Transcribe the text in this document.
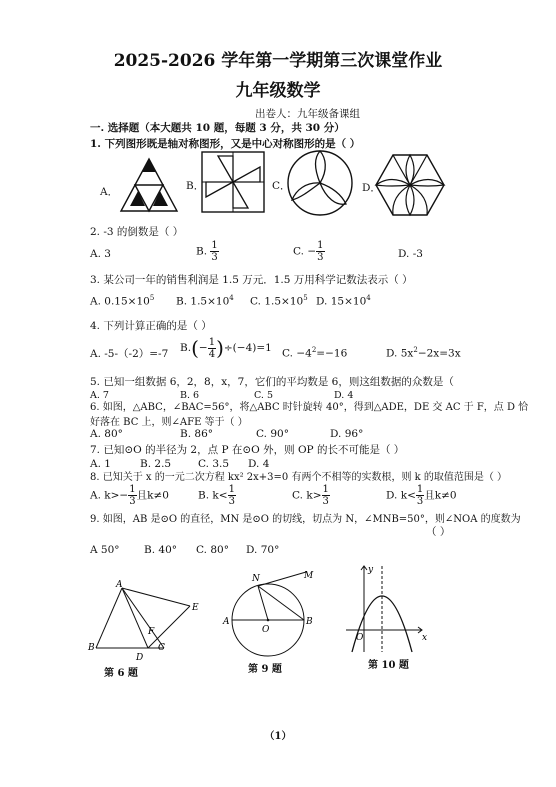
2025-2026 学年第一学期第三次课堂作业
九年级数学
出卷人：九年级备课组
一. 选择题（本大题共 10 题，每题 3 分，共 30 分）
1. 下列图形既是轴对称图形，又是中心对称图形的是（ ）
A．	B．	C．	D．
2. -3 的倒数是（ ）
A. 3	B. $\frac{1}{3}$	C. − $\frac{1}{3}$	D. -3
3. 某公司一年的销售利润是 1.5 万元．1.5 万用科学记数法表示（ ）
A. $0.15\times 10^5$ B. $1.5\times 10^4$ C. $1.5\times 10^5$ D. $15\times 10^4$
4. 下列计算正确的是（ ）
A. -5-（-2）=-7 $B.(- \frac{1}{4} )\div(-4)=1$ C. $-4^2=-16$	D. $5x^2-2x=3x$
5. 已知一组数据 6，2，8，x，7，它们的平均数是 6，则这组数据的众数是（
A. 7	B. 6	C. 5	D. 4
6. 如图，△ABC，∠BAC=56°，将△ABC 时针旋转 40°，得到△ADE，DE 交 AC 于 F，点 D 恰
好落在 BC 上，则∠AFE 等于（ ）
A. 80°	B. 86°	C. 90°	D. 96°
7. 已知⊙O 的半径为 2，点 P 在⊙O 外，则 OP 的长不可能是（ ）
A. 1	B. 2.5	C. 3.5 D. 4
8. 已知关于 x 的一元二次方程 kx² 2x+3=0 有两个不相等的实数根，则 k 的取值范围是（ ）
A. $k>- \frac{1}{3}$ 且k≠0	B. $k< \frac{1}{3}$	C. $k> \frac{1}{3}$	D. $k< \frac{1}{3}$ 且k≠0
9. 如图，AB 是⊙O 的直径，MN 是⊙O 的切线，切点为 N，∠MNB=50°，则∠NOA 的度数为
（ ）
A 50° B. 40° C. 80° D. 70°
A
B	C
D
E
F
第 6 题
N	M
A
O
B
第 9 题
y
O	x
第 10 题
（1）
